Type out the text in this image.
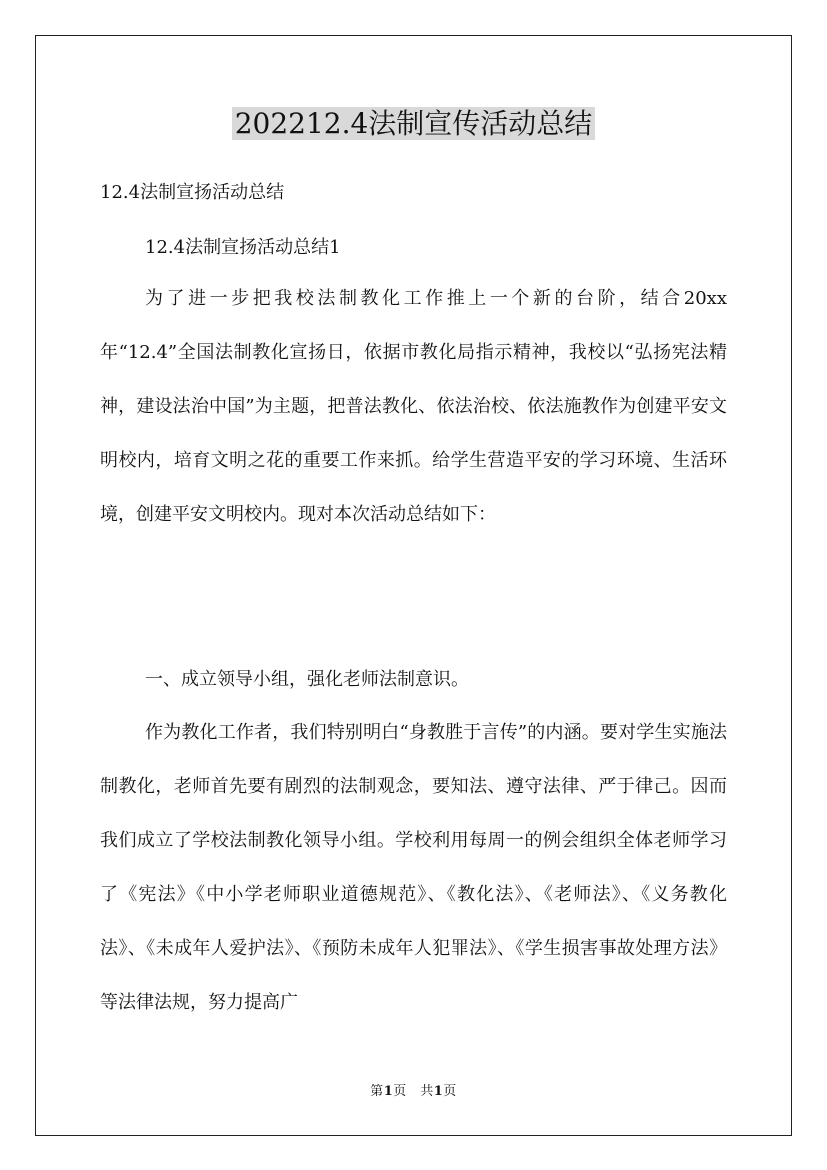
202212.4法制宣传活动总结

12.4法制宣扬活动总结

12.4法制宣扬活动总结1

为了进一步把我校法制教化工作推上一个新的台阶，结合20xx年“12.4”全国法制教化宣扬日，依据市教化局指示精神，我校以“弘扬宪法精神，建设法治中国”为主题，把普法教化、依法治校、依法施教作为创建平安文明校内，培育文明之花的重要工作来抓。给学生营造平安的学习环境、生活环境，创建平安文明校内。现对本次活动总结如下：

一、成立领导小组，强化老师法制意识。

作为教化工作者，我们特别明白“身教胜于言传”的内涵。要对学生实施法制教化，老师首先要有剧烈的法制观念，要知法、遵守法律、严于律己。因而我们成立了学校法制教化领导小组。学校利用每周一的例会组织全体老师学习了《宪法》《中小学老师职业道德规范》、《教化法》、《老师法》、《义务教化法》、《未成年人爱护法》、《预防未成年人犯罪法》、《学生损害事故处理方法》等法律法规，努力提高广

第1页　共1页
